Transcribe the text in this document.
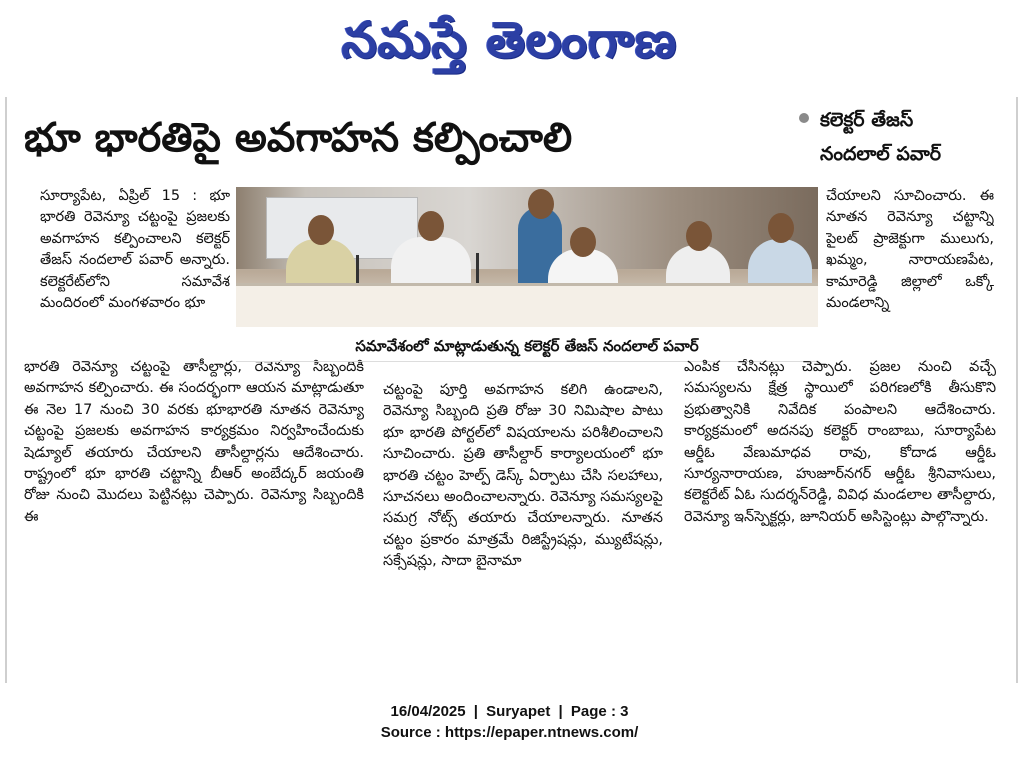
నమస్తే తెలంగాణ
భూ భారతిపై అవగాహన కల్పించాలి	కలెక్టర్ తేజస్
నందలాల్ పవార్

సూర్యాపేట, ఏప్రిల్ 15 : భూ భారతి రెవెన్యూ చట్టంపై ప్రజలకు అవగాహన కల్పించాలని కలెక్టర్ తేజస్ నందలాల్ పవార్ అన్నారు. కలెక్టరేట్‌లోని సమావేశ మందిరంలో మంగళవారం భూ

భారతి రెవెన్యూ చట్టంపై తాసీల్దార్లు, రెవెన్యూ సిబ్బందికి అవగాహన కల్పించారు. ఈ సందర్భంగా ఆయన మాట్లాడుతూ ఈ నెల 17 నుంచి 30 వరకు భూభారతి నూతన రెవెన్యూ చట్టంపై ప్రజలకు అవగాహన కార్యక్రమం నిర్వహించేందుకు షెడ్యూల్ తయారు చేయాలని తాసీల్దార్లను ఆదేశించారు. రాష్ట్రంలో భూ భారతి చట్టాన్ని బీఆర్ అంబేద్కర్ జయంతి రోజు నుంచి మొదలు పెట్టినట్లు చెప్పారు. రెవెన్యూ సిబ్బందికి ఈ

సమావేశంలో మాట్లాడుతున్న కలెక్టర్ తేజస్ నందలాల్ పవార్

చట్టంపై పూర్తి అవగాహన కలిగి ఉండాలని, రెవెన్యూ సిబ్బంది ప్రతి రోజు 30 నిమిషాల పాటు భూ భారతి పోర్టల్‌లో విషయాలను పరిశీలించాలని సూచించారు. ప్రతి తాసీల్దార్ కార్యాలయంలో భూ భారతి చట్టం హెల్ప్ డెస్క్ ఏర్పాటు చేసి సలహాలు, సూచనలు అందించాలన్నారు. రెవెన్యూ సమస్యలపై సమగ్ర నోట్స్ తయారు చేయాలన్నారు. నూతన చట్టం ప్రకారం మాత్రమే రిజిస్ట్రేషన్లు, మ్యుటేషన్లు, సక్సేషన్లు, సాదా బైనామా

చేయాలని సూచించారు. ఈ నూతన రెవెన్యూ చట్టాన్ని పైలట్ ప్రాజెక్టుగా ములుగు, ఖమ్మం, నారాయణపేట, కామారెడ్డి జిల్లాలో ఒక్కో మండలాన్ని

ఎంపిక చేసినట్లు చెప్పారు. ప్రజల నుంచి వచ్చే సమస్యలను క్షేత్ర స్థాయిలో పరిగణలోకి తీసుకొని ప్రభుత్వానికి నివేదిక పంపాలని ఆదేశించారు. కార్యక్రమంలో అదనపు కలెక్టర్ రాంబాబు, సూర్యాపేట ఆర్డీఓ వేణుమాధవ రావు, కోదాడ ఆర్డీఓ సూర్యనారాయణ, హుజూర్‌నగర్ ఆర్డీఓ శ్రీనివాసులు, కలెక్టరేట్ ఏఓ సుదర్శన్‌రెడ్డి, వివిధ మండలాల తాసీల్దారు, రెవెన్యూ ఇన్‌స్పెక్టర్లు, జూనియర్ అసిస్టెంట్లు పాల్గొన్నారు.

16/04/2025 | Suryapet | Page : 3
Source : https://epaper.ntnews.com/
